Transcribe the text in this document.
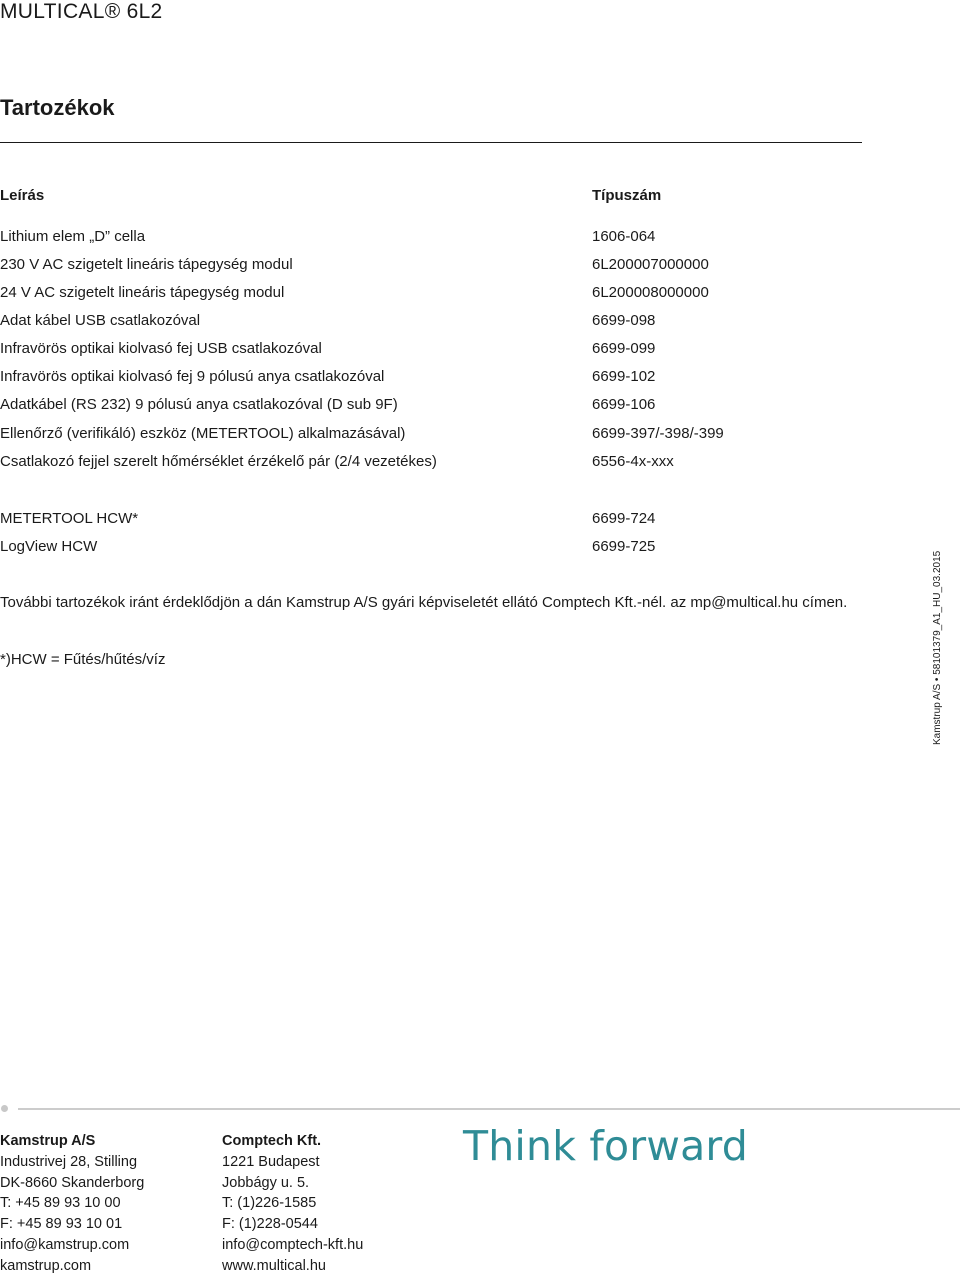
MULTICAL® 6L2
Tartozékok
Leírás	Típuszám
Lithium elem „D” cella	1606-064
230 V AC szigetelt lineáris tápegység modul	6L200007000000
24 V AC szigetelt lineáris tápegység modul	6L200008000000
Adat kábel USB csatlakozóval	6699-098
Infravörös optikai kiolvasó fej USB csatlakozóval	6699-099
Infravörös optikai kiolvasó fej 9 pólusú anya csatlakozóval	6699-102
Adatkábel (RS 232) 9 pólusú anya csatlakozóval (D sub 9F)	6699-106
Ellenőrző (verifikáló) eszköz (METERTOOL) alkalmazásával)	6699-397/-398/-399
Csatlakozó fejjel szerelt hőmérséklet érzékelő pár (2/4 vezetékes)	6556-4x-xxx
METERTOOL HCW*	6699-724
LogView HCW	6699-725
További tartozékok iránt érdeklődjön a dán Kamstrup A/S gyári képviseletét ellátó Comptech Kft.-nél. az mp@multical.hu címen.
*)HCW = Fűtés/hűtés/víz	Kamstrup A/S • 58101379_A1_HU_03.2015
Kamstrup A/S
Industrivej 28, Stilling
DK-8660 Skanderborg
T: +45 89 93 10 00
F: +45 89 93 10 01
info@kamstrup.com
kamstrup.com
Comptech Kft.
1221 Budapest
Jobbágy u. 5.
T: (1)226-1585
F: (1)228-0544
info@comptech-kft.hu
www.multical.hu
Think forward
